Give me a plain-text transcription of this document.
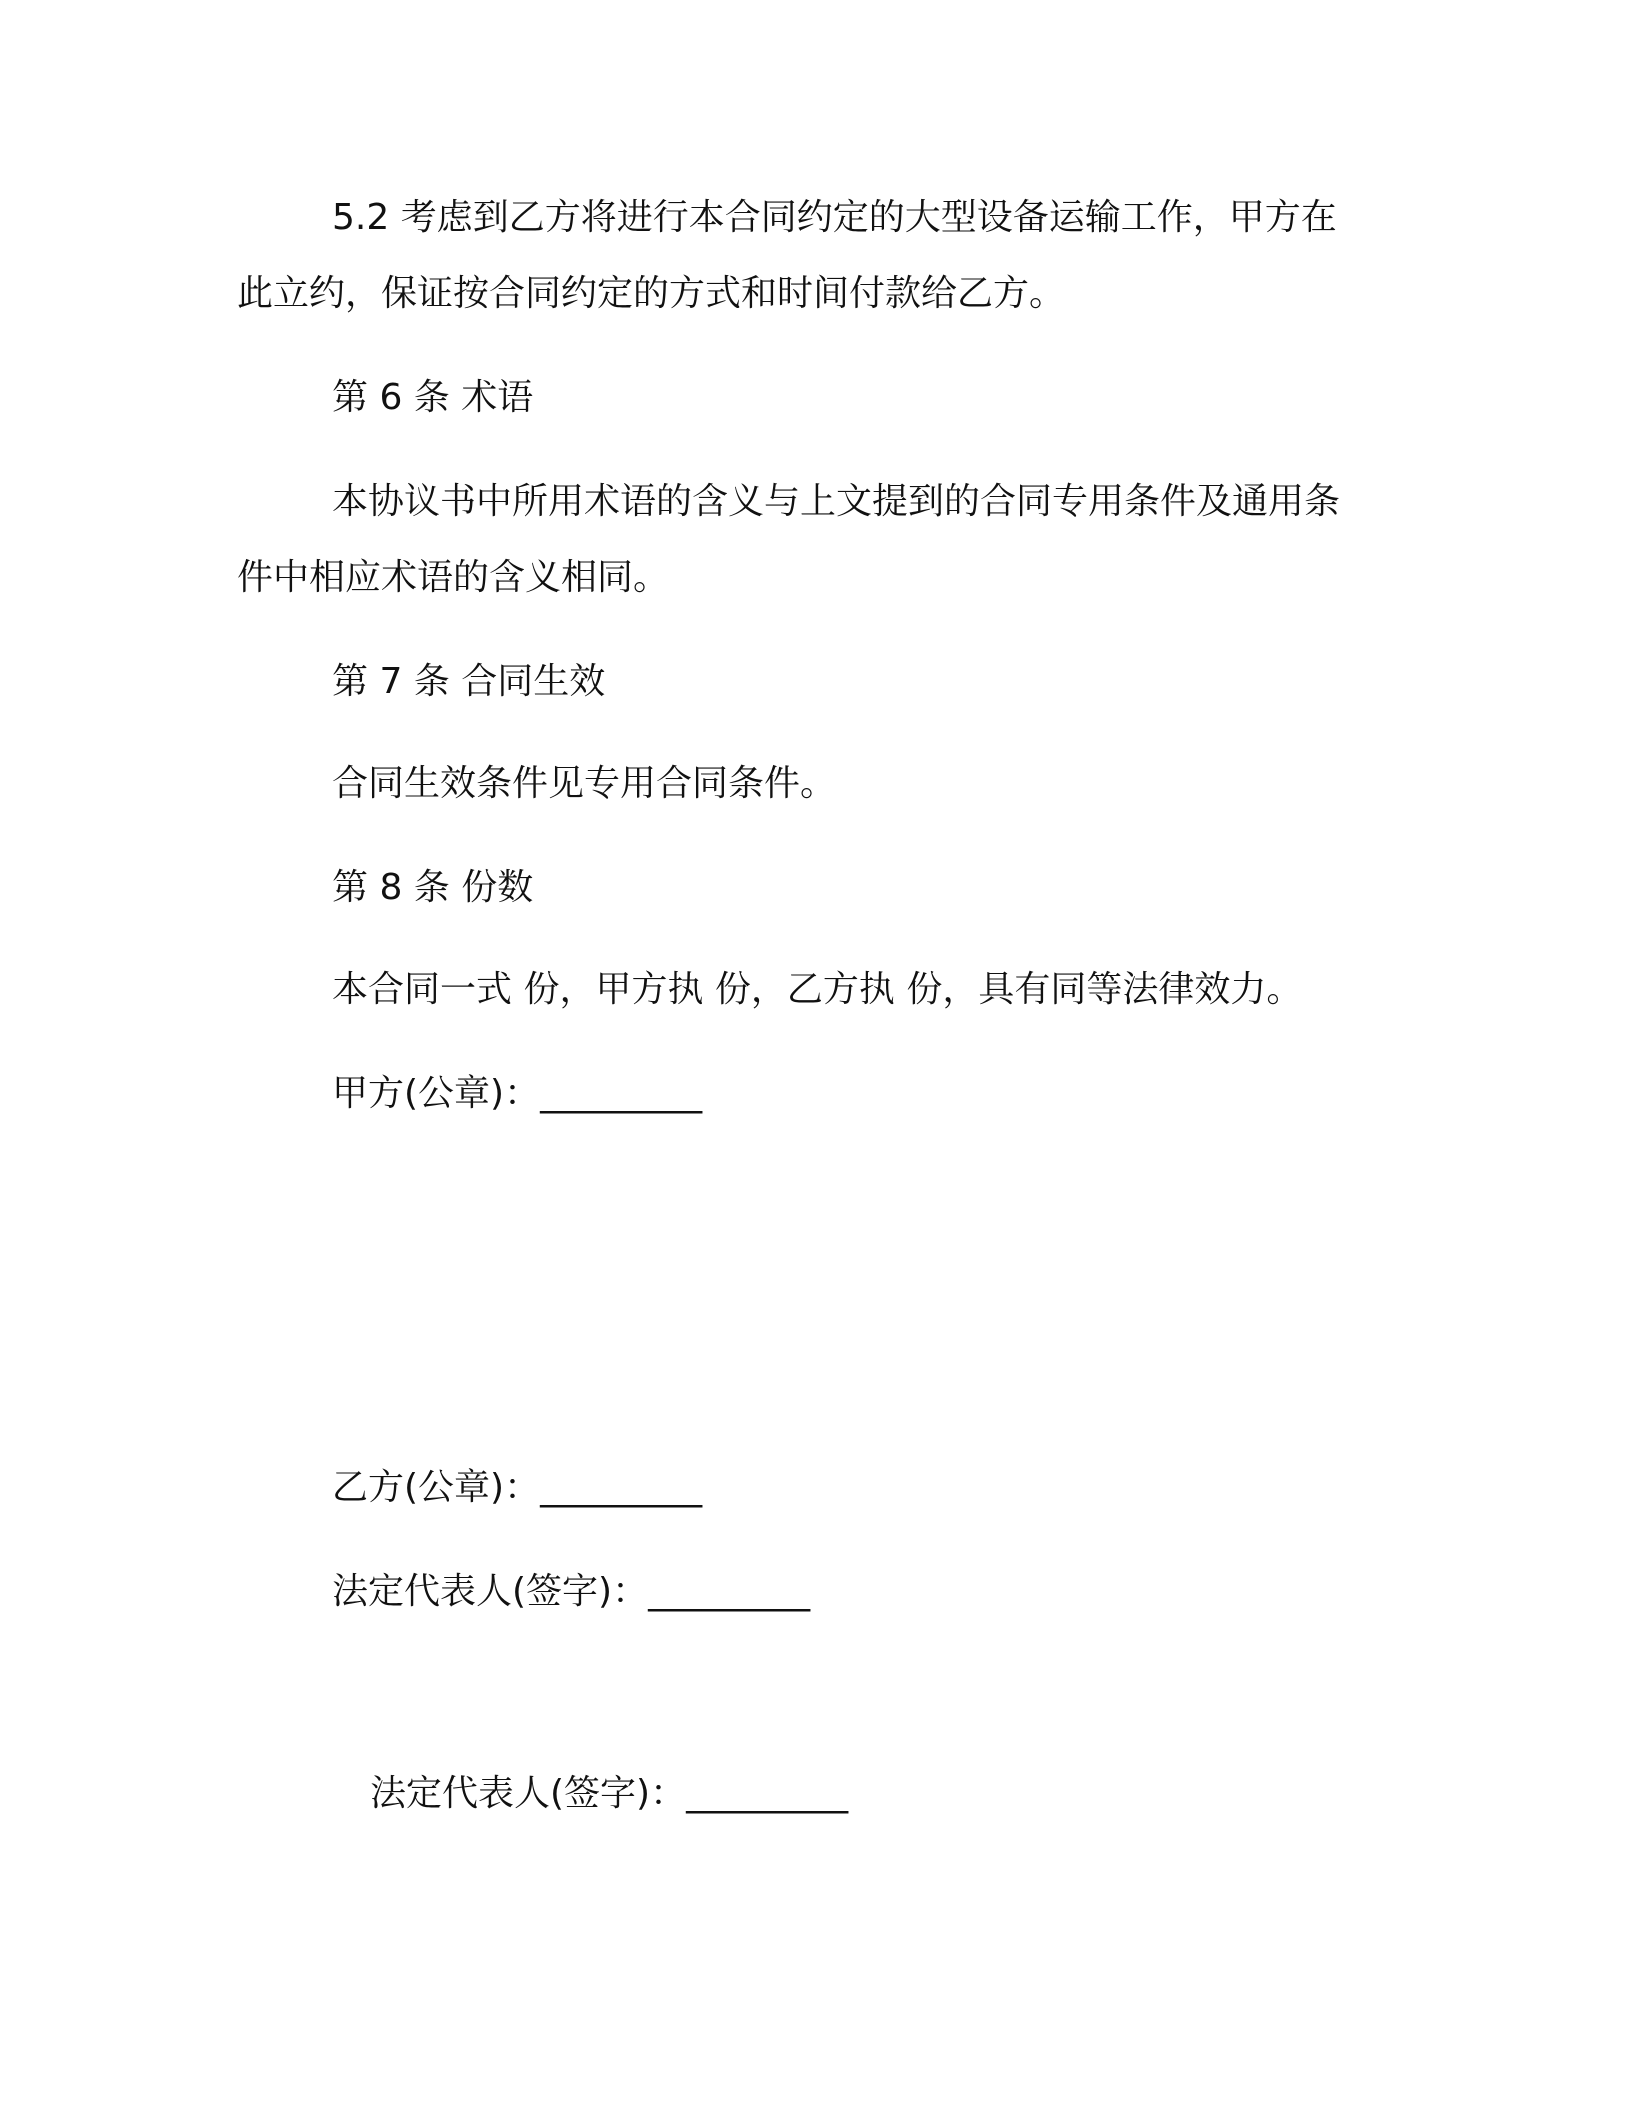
5.2 考虑到乙方将进行本合同约定的大型设备运输工作，甲方在
此立约，保证按合同约定的方式和时间付款给乙方。
第 6 条 术语
本协议书中所用术语的含义与上文提到的合同专用条件及通用条
件中相应术语的含义相同。
第 7 条 合同生效
合同生效条件见专用合同条件。
第 8 条 份数
本合同一式 份，甲方执 份，乙方执 份，具有同等法律效力。
甲方(公章)：_________
乙方(公章)：_________
法定代表人(签字)：_________
法定代表人(签字)：_________
